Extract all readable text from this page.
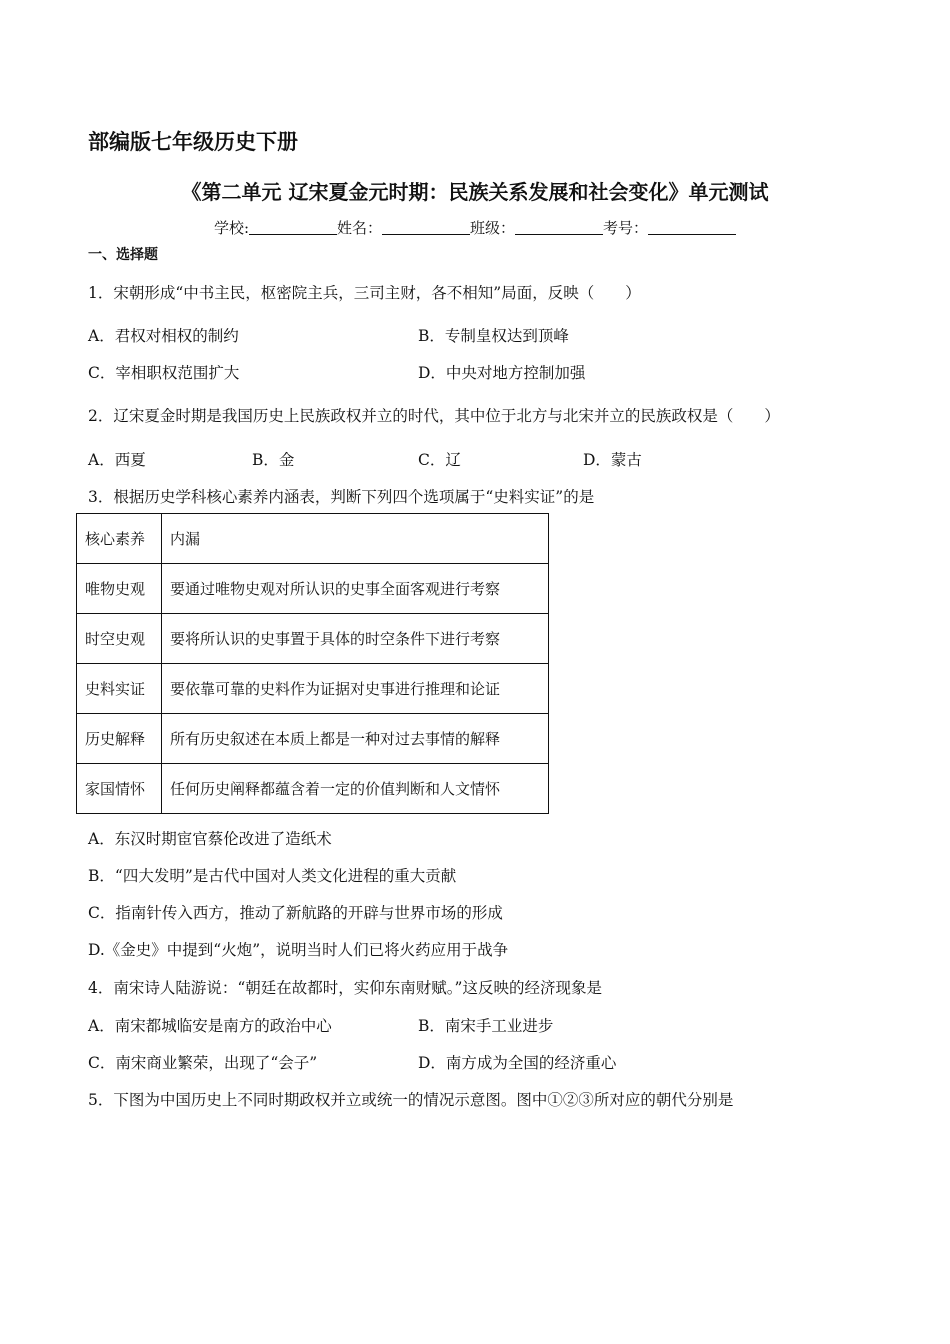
部编版七年级历史下册
《第二单元 辽宋夏金元时期：民族关系发展和社会变化》单元测试
学校:	姓名：	班级：	考号：
一、选择题
1．宋朝形成“中书主民，枢密院主兵，三司主财，各不相知”局面，反映（　　）
A．君权对相权的制约	B．专制皇权达到顶峰
C．宰相职权范围扩大	D．中央对地方控制加强
2．辽宋夏金时期是我国历史上民族政权并立的时代，其中位于北方与北宋并立的民族政权是（　　）
A．西夏	B．金	C．辽	D．蒙古
3．根据历史学科核心素养内涵表，判断下列四个选项属于“史料实证”的是
核心素养	内漏
唯物史观	要通过唯物史观对所认识的史事全面客观进行考察
时空史观	要将所认识的史事置于具体的时空条件下进行考察
史料实证	要依靠可靠的史料作为证据对史事进行推理和论证
历史解释	所有历史叙述在本质上都是一种对过去事情的解释
家国情怀	任何历史阐释都蕴含着一定的价值判断和人文情怀
A．东汉时期宦官蔡伦改进了造纸术
B．“四大发明”是古代中国对人类文化进程的重大贡献
C．指南针传入西方，推动了新航路的开辟与世界市场的形成
D.《金史》中提到“火炮”，说明当时人们已将火药应用于战争
4．南宋诗人陆游说：“朝廷在故都时，实仰东南财赋。”这反映的经济现象是
A．南宋都城临安是南方的政治中心	B．南宋手工业进步
C．南宋商业繁荣，出现了“会子”	D．南方成为全国的经济重心
5．下图为中国历史上不同时期政权并立或统一的情况示意图。图中①②③所对应的朝代分别是
